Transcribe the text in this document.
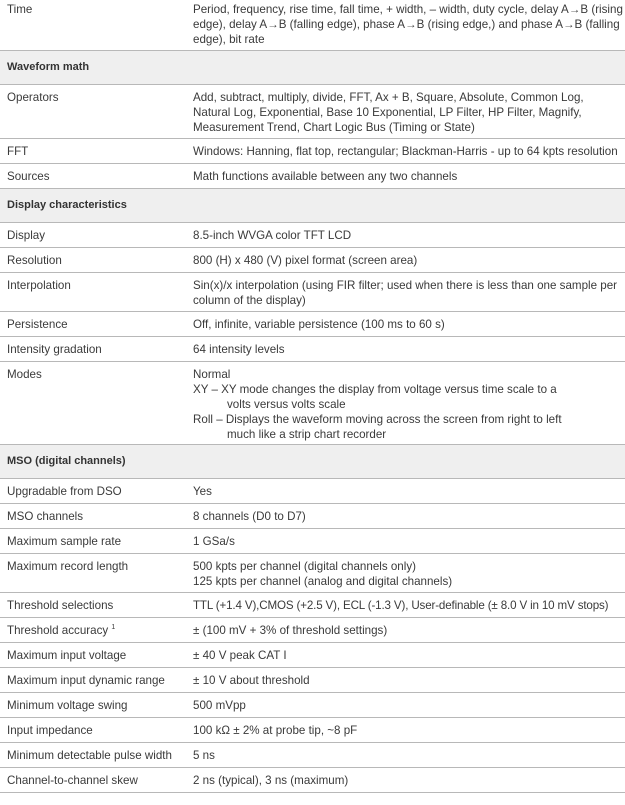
Time	Period, frequency, rise time, fall time, + width, – width, duty cycle, delay A→B (rising edge), delay A→B (falling edge), phase A→B (rising edge,) and phase A→B (falling edge), bit rate
Waveform math
Operators	Add, subtract, multiply, divide, FFT, Ax + B, Square, Absolute, Common Log, Natural Log, Exponential, Base 10 Exponential, LP Filter, HP Filter, Magnify, Measurement Trend, Chart Logic Bus (Timing or State)
FFT	Windows: Hanning, flat top, rectangular; Blackman-Harris - up to 64 kpts resolution
Sources	Math functions available between any two channels
Display characteristics
Display	8.5-inch WVGA color TFT LCD
Resolution	800 (H) x 480 (V) pixel format (screen area)
Interpolation	Sin(x)/x interpolation (using FIR filter; used when there is less than one sample per column of the display)
Persistence	Off, infinite, variable persistence (100 ms to 60 s)
Intensity gradation	64 intensity levels
Modes	Normal
XY – XY mode changes the display from voltage versus time scale to a
volts versus volts scale
Roll – Displays the waveform moving across the screen from right to left
much like a strip chart recorder
MSO (digital channels)
Upgradable from DSO	Yes
MSO channels	8 channels (D0 to D7)
Maximum sample rate	1 GSa/s
Maximum record length	500 kpts per channel (digital channels only)
125 kpts per channel (analog and digital channels)
Threshold selections	TTL (+1.4 V),CMOS (+2.5 V), ECL (-1.3 V), User-definable (± 8.0 V in 10 mV stops)
Threshold accuracy $^1$	± (100 mV + 3% of threshold settings)
Maximum input voltage	± 40 V peak CAT I
Maximum input dynamic range ± 10 V about threshold
Minimum voltage swing	500 mVpp
Input impedance	100 kΩ ± 2% at probe tip, ~8 pF
Minimum detectable pulse width 5 ns
Channel-to-channel skew	2 ns (typical), 3 ns (maximum)
